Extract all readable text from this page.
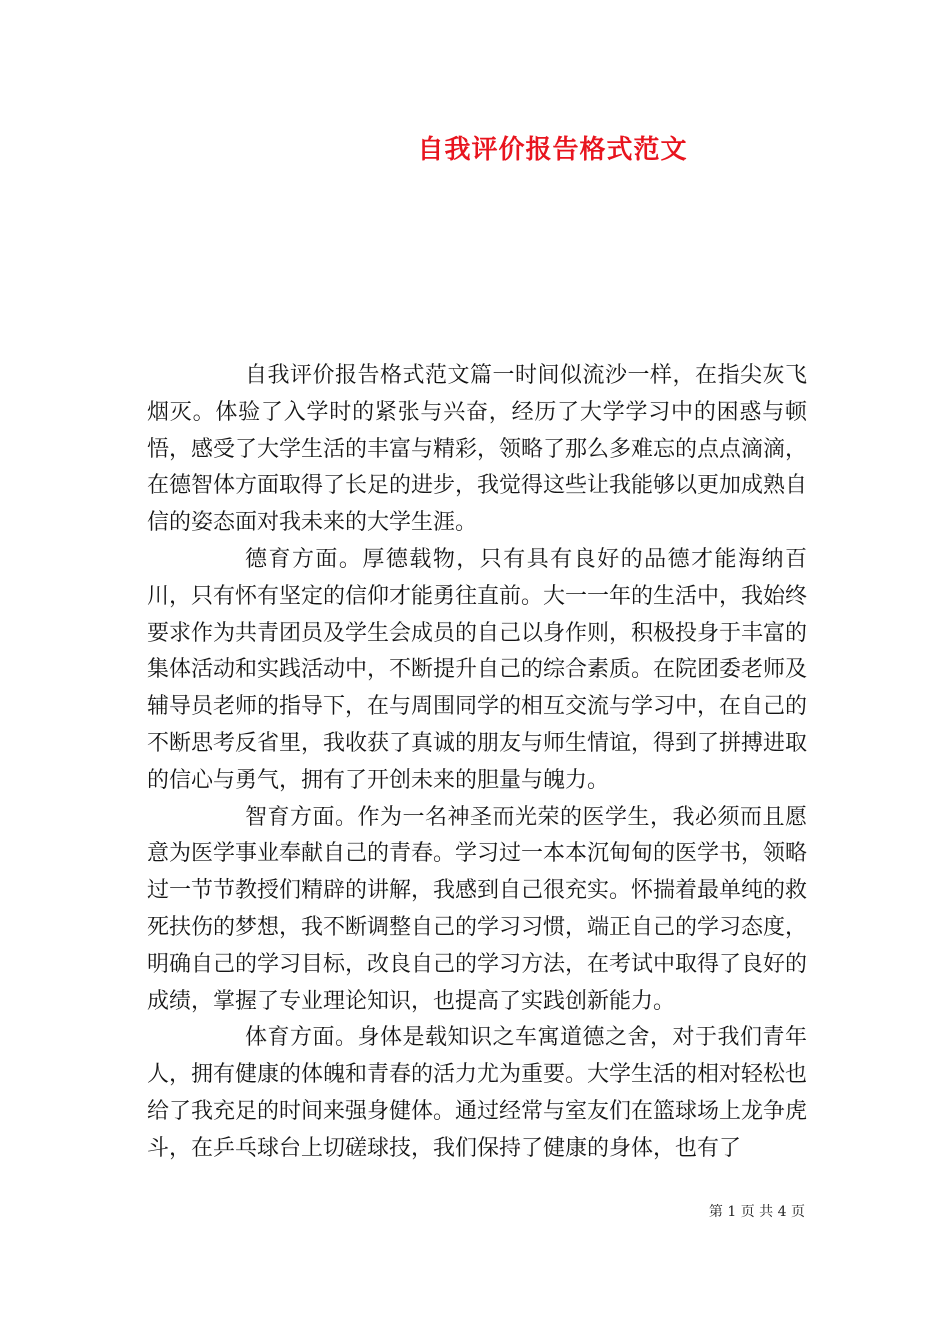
自我评价报告格式范文

自我评价报告格式范文篇一时间似流沙一样，在指尖灰飞烟灭。体验了入学时的紧张与兴奋，经历了大学学习中的困惑与顿悟，感受了大学生活的丰富与精彩，领略了那么多难忘的点点滴滴，在德智体方面取得了长足的进步，我觉得这些让我能够以更加成熟自信的姿态面对我未来的大学生涯。

德育方面。厚德载物，只有具有良好的品德才能海纳百川，只有怀有坚定的信仰才能勇往直前。大一一年的生活中，我始终要求作为共青团员及学生会成员的自己以身作则，积极投身于丰富的集体活动和实践活动中，不断提升自己的综合素质。在院团委老师及辅导员老师的指导下，在与周围同学的相互交流与学习中，在自己的不断思考反省里，我收获了真诚的朋友与师生情谊，得到了拼搏进取的信心与勇气，拥有了开创未来的胆量与魄力。

智育方面。作为一名神圣而光荣的医学生，我必须而且愿意为医学事业奉献自己的青春。学习过一本本沉甸甸的医学书，领略过一节节教授们精辟的讲解，我感到自己很充实。怀揣着最单纯的救死扶伤的梦想，我不断调整自己的学习习惯，端正自己的学习态度，明确自己的学习目标，改良自己的学习方法，在考试中取得了良好的成绩，掌握了专业理论知识，也提高了实践创新能力。

体育方面。身体是载知识之车寓道德之舍，对于我们青年人，拥有健康的体魄和青春的活力尤为重要。大学生活的相对轻松也给了我充足的时间来强身健体。通过经常与室友们在篮球场上龙争虎斗，在乒乓球台上切磋球技，我们保持了健康的身体，也有了

第 1 页 共 4 页
